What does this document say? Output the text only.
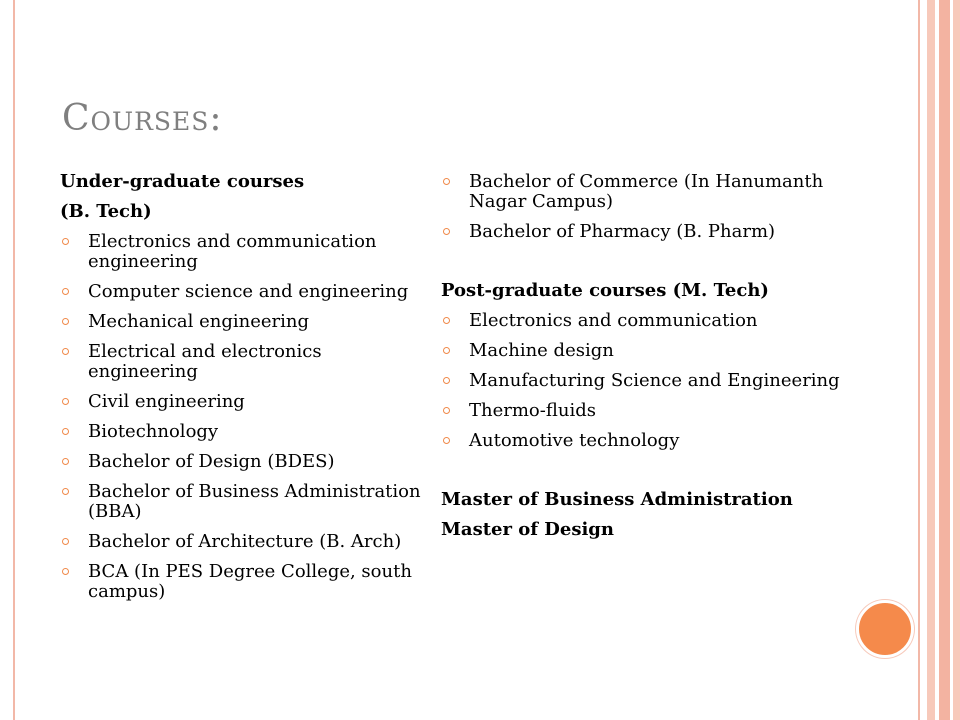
Courses:
Under-graduate courses
(B. Tech)
Electronics and communication engineering
Computer science and engineering
Mechanical engineering
Electrical and electronics engineering
Civil engineering
Biotechnology
Bachelor of Design (BDES)
Bachelor of Business Administration (BBA)
Bachelor of Architecture (B. Arch)
BCA (In PES Degree College, south campus)
Bachelor of Commerce (In Hanumanth Nagar Campus)
Bachelor of Pharmacy (B. Pharm)
Post-graduate courses (M. Tech)
Electronics and communication
Machine design
Manufacturing Science and Engineering
Thermo-fluids
Automotive technology
Master of Business Administration
Master of Design
